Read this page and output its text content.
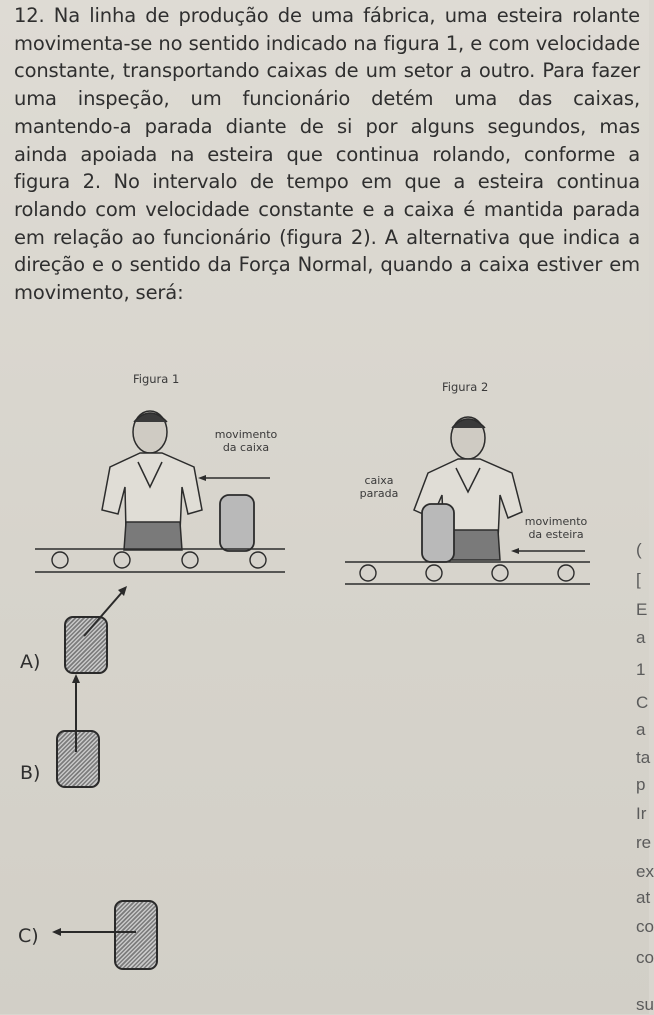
12. Na linha de produção de uma fábrica, uma esteira rolante movimenta-se no sentido indicado na figura 1, e com velocidade constante, transportando caixas de um setor a outro. Para fazer uma inspeção, um funcionário detém uma das caixas, mantendo-a parada diante de si por alguns segundos, mas ainda apoiada na esteira que continua rolando, conforme a figura 2. No intervalo de tempo em que a esteira continua rolando com velocidade constante e a caixa é mantida parada em relação ao funcionário (figura 2). A alternativa que indica a direção e o sentido da Força Normal, quando a caixa estiver em movimento, será:

Figura 1
movimento
da caixa
Figura 2
caixa
parada
movimento
da esteira
A)
B)
C)
(
[
E
a
1
C
a
ta
p
Ir
re
ex
at
co
co
su
